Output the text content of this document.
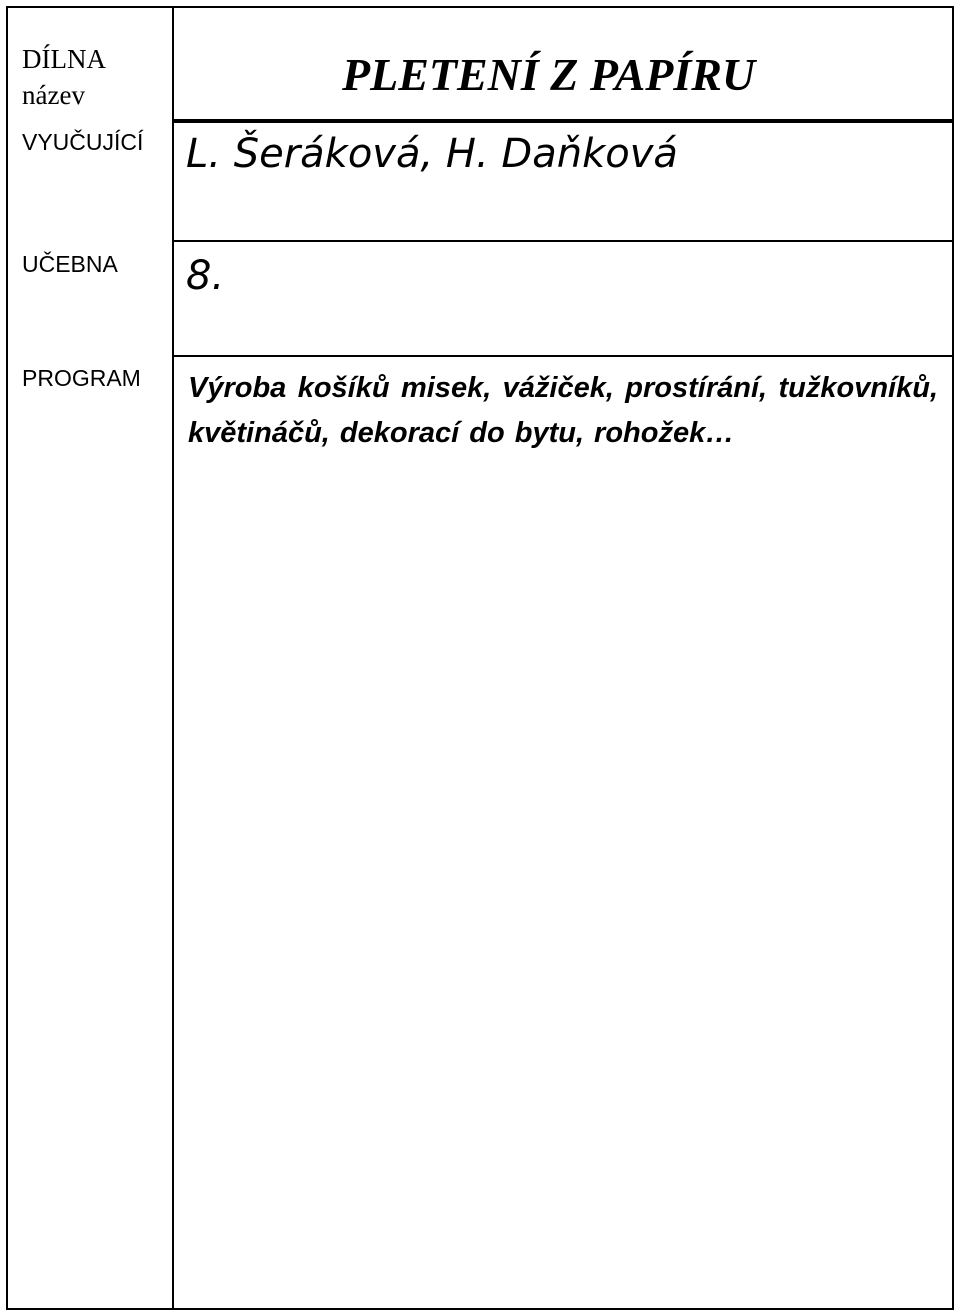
DÍLNA
název
VYUČUJÍCÍ
UČEBNA
PROGRAM
PLETENÍ Z PAPÍRU
L. Šeráková, H. Daňková
8.
Výroba košíků misek, vážiček, prostírání, tužkovníků, květináčů, dekorací do bytu, rohožek…
